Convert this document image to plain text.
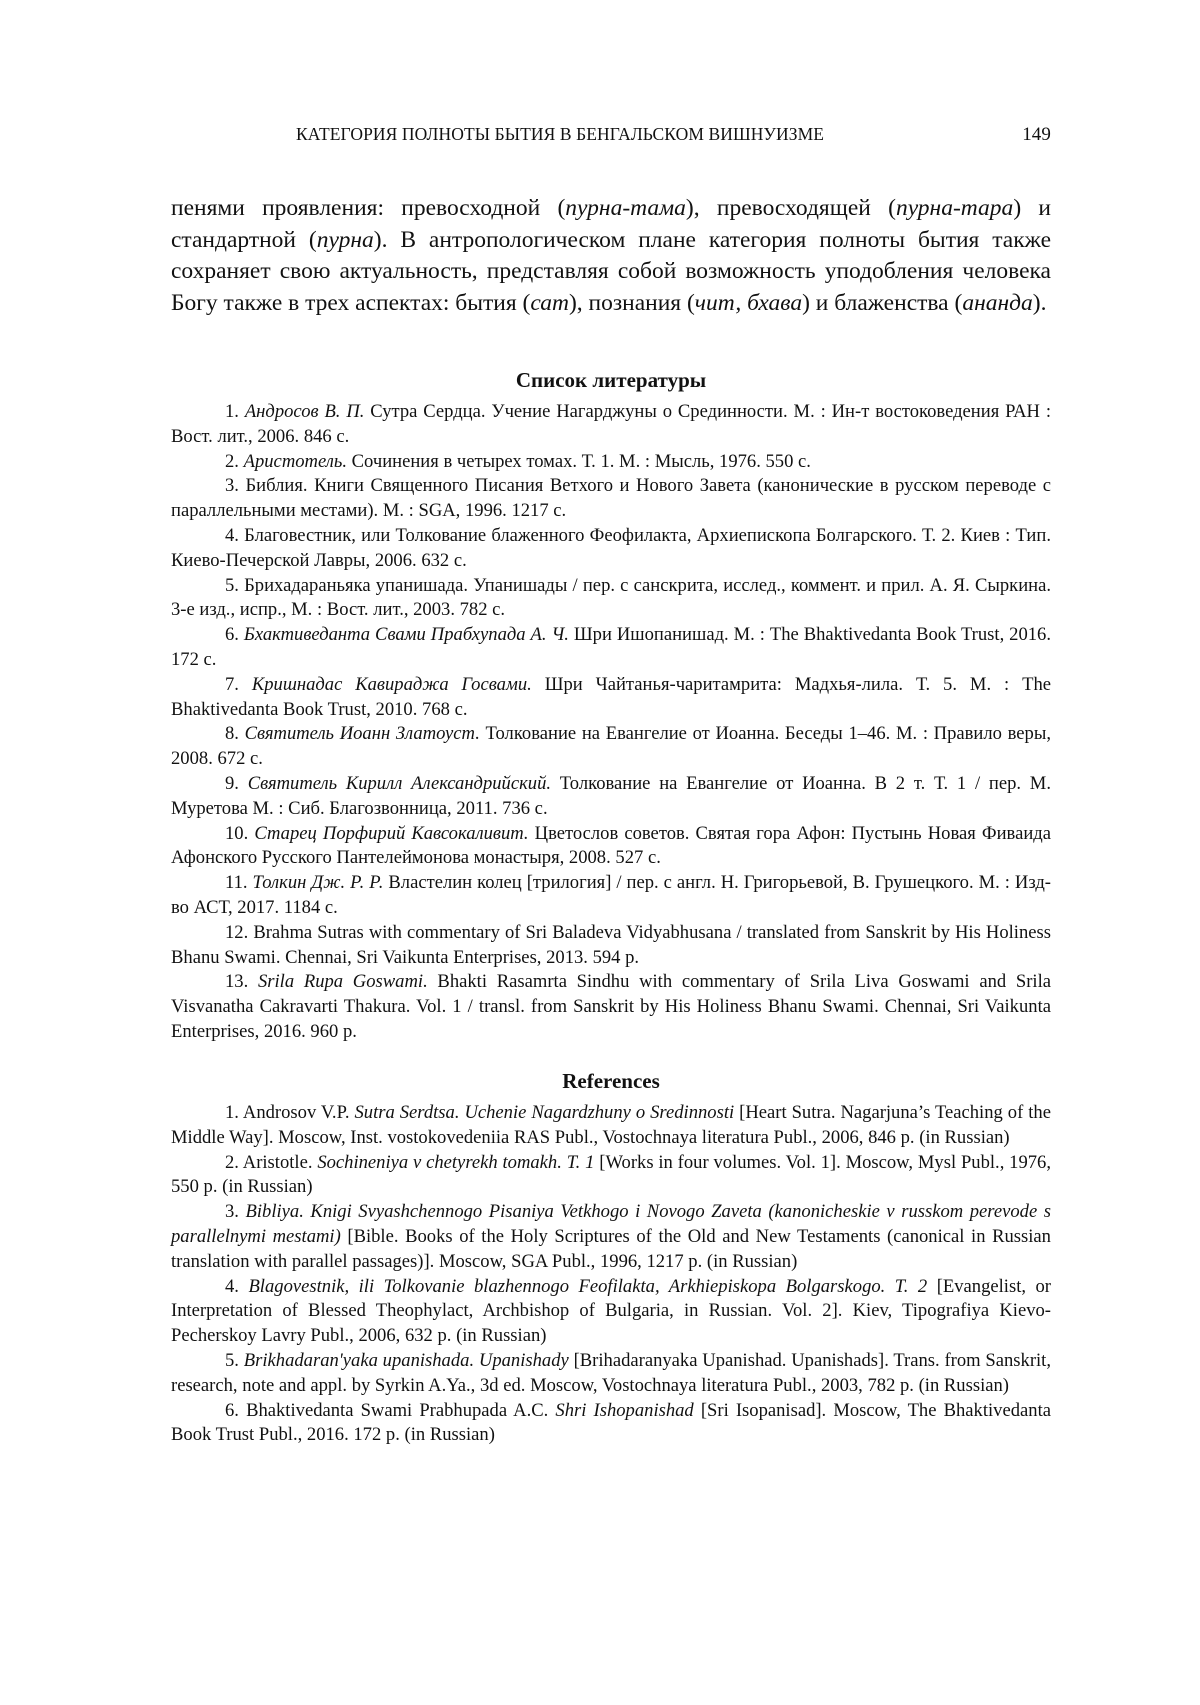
КАТЕГОРИЯ ПОЛНОТЫ БЫТИЯ В БЕНГАЛЬСКОМ ВИШНУИЗМЕ	149

пенями проявления: превосходной (пурна-тама), превосходящей (пурна-тара) и стандартной (пурна). В антропологическом плане категория полноты бытия также сохраняет свою актуальность, представляя собой возможность уподобления человека Богу также в трех аспектах: бытия (сат), познания (чит, бхава) и блаженства (ананда).

Список литературы
1. Андросов В. П. Сутра Сердца. Учение Нагарджуны о Срединности. М. : Ин-т востоковедения РАН : Вост. лит., 2006. 846 с.
2. Аристотель. Сочинения в четырех томах. Т. 1. М. : Мысль, 1976. 550 с.
3. Библия. Книги Священного Писания Ветхого и Нового Завета (канонические в русском переводе с параллельными местами). М. : SGA, 1996. 1217 с.
4. Благовестник, или Толкование блаженного Феофилакта, Архиепископа Болгарского. Т. 2. Киев : Тип. Киево-Печерской Лавры, 2006. 632 с.
5. Брихадараньяка упанишада. Упанишады / пер. с санскрита, исслед., коммент. и прил. А. Я. Сыркина. 3-е изд., испр., М. : Вост. лит., 2003. 782 с.
6. Бхактиведанта Свами Прабхупада А. Ч. Шри Ишопанишад. М. : The Bhaktivedanta Book Trust, 2016. 172 с.
7. Кришнадас Кавираджа Госвами. Шри Чайтанья-чаритамрита: Мадхья-лила. Т. 5. М. : The Bhaktivedanta Book Trust, 2010. 768 с.
8. Святитель Иоанн Златоуст. Толкование на Евангелие от Иоанна. Беседы 1–46. М. : Правило веры, 2008. 672 с.
9. Святитель Кирилл Александрийский. Толкование на Евангелие от Иоанна. В 2 т. Т. 1 / пер. М. Муретова М. : Сиб. Благозвонница, 2011. 736 с.
10. Старец Порфирий Кавсокаливит. Цветослов советов. Святая гора Афон: Пустынь Новая Фиваида Афонского Русского Пантелеймонова монастыря, 2008. 527 с.
11. Толкин Дж. Р. Р. Властелин колец [трилогия] / пер. с англ. Н. Григорьевой, В. Грушецкого. М. : Изд-во АСТ, 2017. 1184 с.
12. Brahma Sutras with commentary of Sri Baladeva Vidyabhusana / translated from Sanskrit by His Holiness Bhanu Swami. Chennai, Sri Vaikunta Enterprises, 2013. 594 p.
13. Srila Rupa Goswami. Bhakti Rasamrta Sindhu with commentary of Srila Liva Goswami and Srila Visvanatha Cakravarti Thakura. Vol. 1 / transl. from Sanskrit by His Holiness Bhanu Swami. Chennai, Sri Vaikunta Enterprises, 2016. 960 p.
References
1. Androsov V.P. Sutra Serdtsa. Uchenie Nagardzhuny o Sredinnosti [Heart Sutra. Nagarjuna’s Teaching of the Middle Way]. Moscow, Inst. vostokovedeniia RAS Publ., Vostochnaya literatura Publ., 2006, 846 p. (in Russian)
2. Aristotle. Sochineniya v chetyrekh tomakh. T. 1 [Works in four volumes. Vol. 1]. Moscow, Mysl Publ., 1976, 550 p. (in Russian)
3. Bibliya. Knigi Svyashchennogo Pisaniya Vetkhogo i Novogo Zaveta (kanonicheskie v russkom perevode s parallelnymi mestami) [Bible. Books of the Holy Scriptures of the Old and New Testaments (canonical in Russian translation with parallel passages)]. Moscow, SGA Publ., 1996, 1217 p. (in Russian)
4. Blagovestnik, ili Tolkovanie blazhennogo Feofilakta, Arkhiepiskopa Bolgarskogo. T. 2 [Evangelist, or Interpretation of Blessed Theophylact, Archbishop of Bulgaria, in Russian. Vol. 2]. Kiev, Tipografiya Kievo-Pecherskoy Lavry Publ., 2006, 632 p. (in Russian)
5. Brikhadaran'yaka upanishada. Upanishady [Brihadaranyaka Upanishad. Upanishads]. Trans. from Sanskrit, research, note and appl. by Syrkin A.Ya., 3d ed. Moscow, Vostochnaya literatura Publ., 2003, 782 p. (in Russian)
6. Bhaktivedanta Swami Prabhupada A.C. Shri Ishopanishad [Sri Isopanisad]. Moscow, The Bhaktivedanta Book Trust Publ., 2016. 172 p. (in Russian)
